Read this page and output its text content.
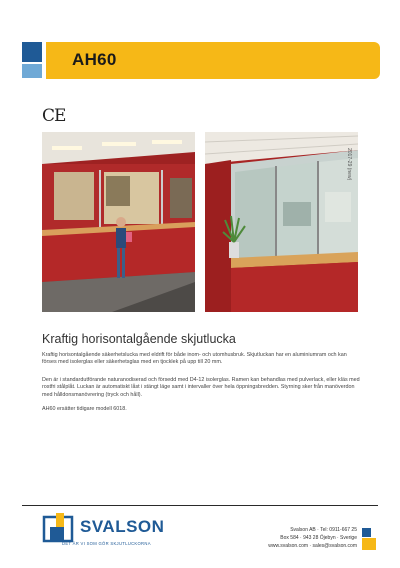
AH60
CE
2017-29 (new)
Kraftig horisontalgående skjutlucka
Kraftig horisontalgående säkerhetslucka med eldrift för både inom- och utomhusbruk. Skjutluckan har en aluminiumram och kan förses med isolerglas eller säkerhetsglas med en tjocklek på upp till 20 mm.
Den är i standardutförande naturanodiserad och försedd med D4-12 isolerglas. Ramen kan behandlas med pulverlack, eller kläs med rostfri stålplåt. Luckan är automatiskt låst i stängt läge samt i intervaller över hela öppningsbredden. Styrning sker från manöverdon med hålldonsmanövrering (tryck och håll).
AH60 ersätter tidigare modell 6018.
SVALSON
DET ÄR VI SOM GÖR SKJUTLUCKORNA
Svalson AB · Tel: 0911-667 25
Box 584 · 943 28 Öjebyn · Sverige
www.svalson.com · sales@svalson.com
